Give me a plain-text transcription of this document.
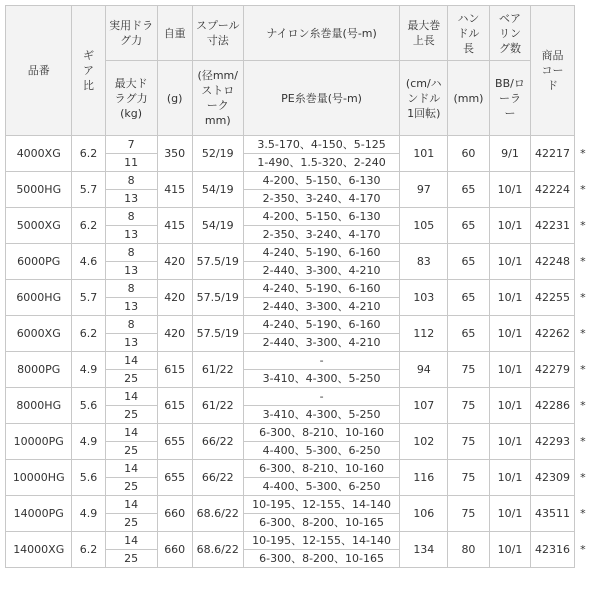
品番	ギア比	実用ドラグ力	自重	スプール寸法	ナイロン糸巻量(号-m)	最大巻上長	ハンドル長	ベアリング数	商品コード	
		最大ドラグ力(kg)	(g)	(径mm/ストロークmm)	PE糸巻量(号-m)	(cm/ハンドル1回転)	(mm)	BB/ローラー		
4000XG	6.2	7	350	52/19	3.5-170、4-150、5-125	101	60	9/1	42217	*
		11			1-490、1.5-320、2-240					
5000HG	5.7	8	415	54/19	4-200、5-150、6-130	97	65	10/1	42224	*
		13			2-350、3-240、4-170					
5000XG	6.2	8	415	54/19	4-200、5-150、6-130	105	65	10/1	42231	*
		13			2-350、3-240、4-170					
6000PG	4.6	8	420	57.5/19	4-240、5-190、6-160	83	65	10/1	42248	*
		13			2-440、3-300、4-210					
6000HG	5.7	8	420	57.5/19	4-240、5-190、6-160	103	65	10/1	42255	*
		13			2-440、3-300、4-210					
6000XG	6.2	8	420	57.5/19	4-240、5-190、6-160	112	65	10/1	42262	*
		13			2-440、3-300、4-210					
8000PG	4.9	14	615	61/22	-	94	75	10/1	42279	*
		25			3-410、4-300、5-250					
8000HG	5.6	14	615	61/22	-	107	75	10/1	42286	*
		25			3-410、4-300、5-250					
10000PG	4.9	14	655	66/22	6-300、8-210、10-160	102	75	10/1	42293	*
		25			4-400、5-300、6-250					
10000HG	5.6	14	655	66/22	6-300、8-210、10-160	116	75	10/1	42309	*
		25			4-400、5-300、6-250					
14000PG	4.9	14	660	68.6/22	10-195、12-155、14-140	106	75	10/1	43511	*
		25			6-300、8-200、10-165					
14000XG	6.2	14	660	68.6/22	10-195、12-155、14-140	134	80	10/1	42316	*
		25			6-300、8-200、10-165					
